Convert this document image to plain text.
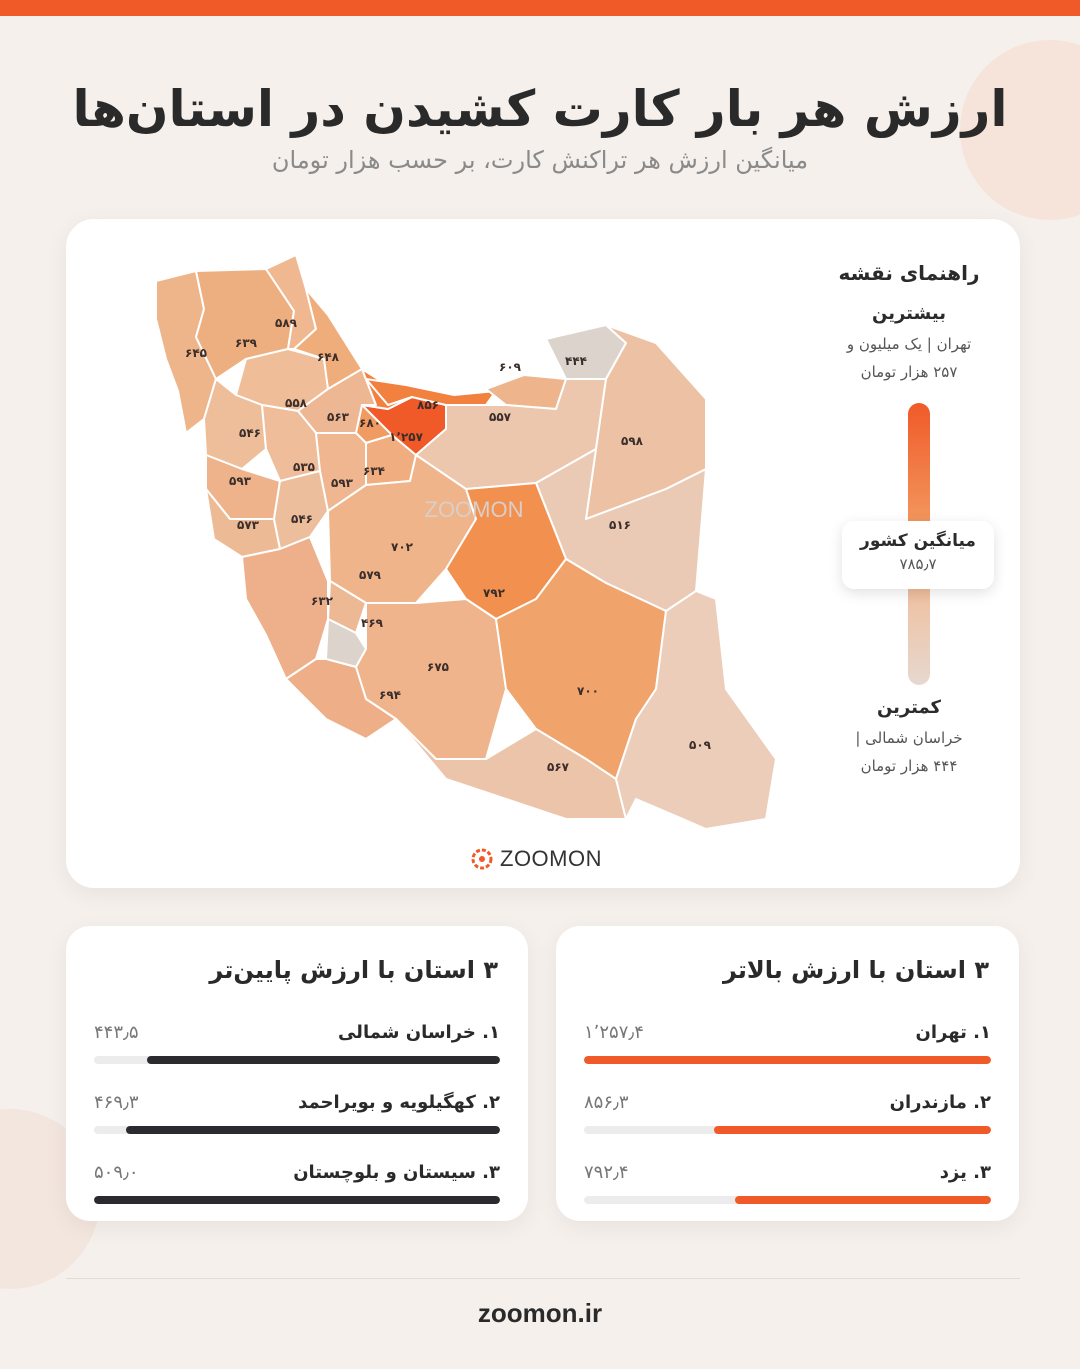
ارزش هر بار کارت کشیدن در استان‌ها
میانگین ارزش هر تراکنش کارت، بر حسب هزار تومان
۵۸۹
۶۳۹
۶۴۵	۶۴۸
۶۰۹	۴۴۴
۸۵۶
۵۵۸
۵۶۳ ۶۸۰	۵۵۷
۱٬۲۵۷	۵۹۸
۵۴۶
۵۳۵	۶۳۴
۵۹۳	۵۹۳
۵۷۳	۵۴۶
۷۰۲
۵۱۶
۵۷۹
۷۹۲
۶۳۲
۴۶۹
۶۷۵
۷۰۰
۶۹۴
۵۰۹
۵۶۷
ZOOMON
راهنمای نقشه
بیشترین
تهران | یک میلیون و
۲۵۷ هزار تومان
میانگین کشور
۷۸۵٫۷
کمترین
خراسان شمالی |
۴۴۴ هزار تومان
ZOOMON
۳ استان با ارزش بالاتر
۱. تهران
۱٬۲۵۷٫۴
۲. مازندران
۸۵۶٫۳
۳. یزد
۷۹۲٫۴
۳ استان با ارزش پایین‌تر
۱. خراسان شمالی
۴۴۳٫۵
۲. کهگیلویه و بویراحمد
۴۶۹٫۳
۳. سیستان و بلوچستان
۵۰۹٫۰
zoomon.ir
